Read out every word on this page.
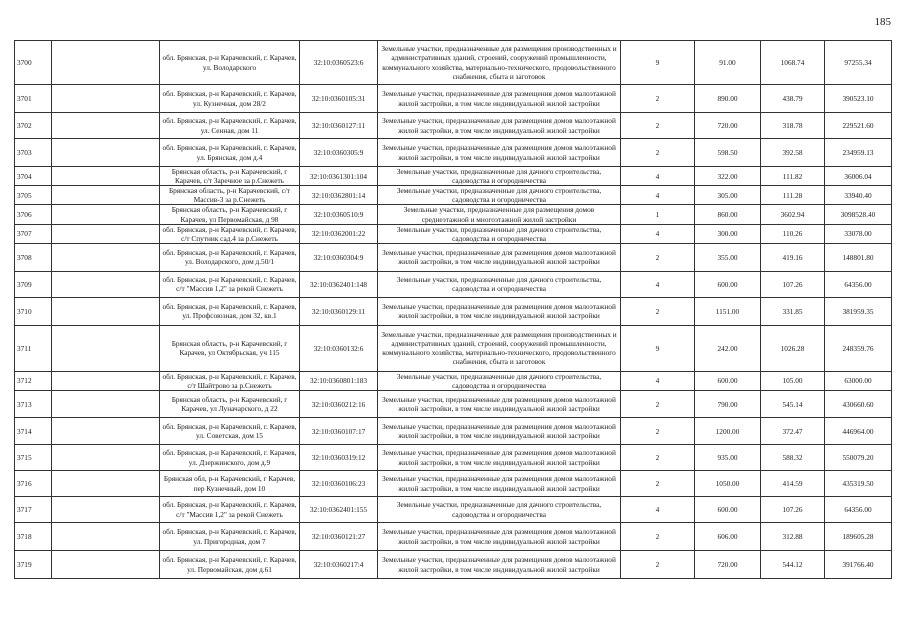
185
3700		обл. Брянская, р-н Карачевский, г. Карачев, ул. Володарского	32:10:0360523:6	Земельные участки, предназначенные для размещения производственных и административных зданий, строений, сооружений промышленности, коммунального хозяйства, материально-технического, продовольственного снабжения, сбыта и заготовок	9	91.00	1068.74	97255.34
3701		обл. Брянская, р-н Карачевский, г. Карачев, ул. Кузнечная, дом 28/2	32:10:0360105:31	Земельные участки, предназначенные для размещения домов малоэтажной жилой застройки, в том числе индивидуальной жилой застройки	2	890.00	438.79	390523.10
3702		обл. Брянская, р-н Карачевский, г. Карачев, ул. Сенная, дом 11	32:10:0360127:11	Земельные участки, предназначенные для размещения домов малоэтажной жилой застройки, в том числе индивидуальной жилой застройки	2	720.00	318.78	229521.60
3703		обл. Брянская, р-н Карачевский, г. Карачев, ул. Брянская, дом д.4	32:10:0360305:9	Земельные участки, предназначенные для размещения домов малоэтажной жилой застройки, в том числе индивидуальной жилой застройки	2	598.50	392.58	234959.13
3704		Брянская область, р-н Карачевский, г Карачев, с/т Заречное за р.Снежеть	32:10:0361301:104	Земельные участки, предназначенные для дачного строительства, садоводства и огородничества	4	322.00	111.82	36006.04
3705		Брянская область, р-н Карачевский, с/т Массив-3 за р.Снежеть	32:10:0362801:14	Земельные участки, предназначенные для дачного строительства, садоводства и огородничества	4	305.00	111.28	33940.40
3706		Брянская область, р-н Карачевский, г Карачев, ул Первомайская, д 98	32:10:0360510:9	Земельные участки, предназначенные для размещения домов среднеэтажной и многоэтажной жилой застройки	1	860.00	3602.94	3098528.40
3707		обл. Брянская, р-н Карачевский, г. Карачев, с/т Спутник сад.4 за р.Снежеть	32:10:0362001:22	Земельные участки, предназначенные для дачного строительства, садоводства и огородничества	4	300.00	110.26	33078.00
3708		обл. Брянская, р-н Карачевский, г. Карачев, ул. Володарского, дом д.50/1	32:10:0360304:9	Земельные участки, предназначенные для размещения домов малоэтажной жилой застройки, в том числе индивидуальной жилой застройки	2	355.00	419.16	148801.80
3709		обл. Брянская, р-н Карачевский, г. Карачев, с/т "Массив 1,2" за рекой Снежеть	32:10:0362401:148	Земельные участки, предназначенные для дачного строительства, садоводства и огородничества	4	600.00	107.26	64356.00
3710		обл. Брянская, р-н Карачевский, г. Карачев, ул. Профсоюзная, дом 32, кв.1	32:10:0360129:11	Земельные участки, предназначенные для размещения домов малоэтажной жилой застройки, в том числе индивидуальной жилой застройки	2	1151.00	331.85	381959.35
3711		Брянская область, р-н Карачевский, г Карачев, ул Октябрьская, уч 115	32:10:0360132:6	Земельные участки, предназначенные для размещения производственных и административных зданий, строений, сооружений промышленности, коммунального хозяйства, материально-технического, продовольственного снабжения, сбыта и заготовок	9	242.00	1026.28	248359.76
3712		обл. Брянская, р-н Карачевский, г. Карачев, с/т Шайтрово за р.Снежеть	32:10:0360801:183	Земельные участки, предназначенные для дачного строительства, садоводства и огородничества	4	600.00	105.00	63000.00
3713		Брянская область, р-н Карачевский, г Карачев, ул Луначарского, д 22	32:10:0360212:16	Земельные участки, предназначенные для размещения домов малоэтажной жилой застройки, в том числе индивидуальной жилой застройки	2	790.00	545.14	430660.60
3714		обл. Брянская, р-н Карачевский, г. Карачев, ул. Советская, дом 15	32:10:0360107:17	Земельные участки, предназначенные для размещения домов малоэтажной жилой застройки, в том числе индивидуальной жилой застройки	2	1200.00	372.47	446964.00
3715		обл. Брянская, р-н Карачевский, г. Карачев, ул. Дзержинского, дом д.9	32:10:0360319:12	Земельные участки, предназначенные для размещения домов малоэтажной жилой застройки, в том числе индивидуальной жилой застройки	2	935.00	588.32	550079.20
3716		Брянская обл, р-н Карачевский, г Карачев, пер Кузнечный, дом 10	32:10:0360106:23	Земельные участки, предназначенные для размещения домов малоэтажной жилой застройки, в том числе индивидуальной жилой застройки	2	1050.00	414.59	435319.50
3717		обл. Брянская, р-н Карачевский, г. Карачев, с/т "Массив 1,2" за рекой Снежеть	32:10:0362401:155	Земельные участки, предназначенные для дачного строительства, садоводства и огородничества	4	600.00	107.26	64356.00
3718		обл. Брянская, р-н Карачевский, г. Карачев, ул. Пригородная, дом 7	32:10:0360121:27	Земельные участки, предназначенные для размещения домов малоэтажной жилой застройки, в том числе индивидуальной жилой застройки	2	606.00	312.88	189605.28
3719		обл. Брянская, р-н Карачевский, г. Карачев, ул. Первомайская, дом д.61	32:10:0360217:4	Земельные участки, предназначенные для размещения домов малоэтажной жилой застройки, в том числе индивидуальной жилой застройки	2	720.00	544.12	391766.40
